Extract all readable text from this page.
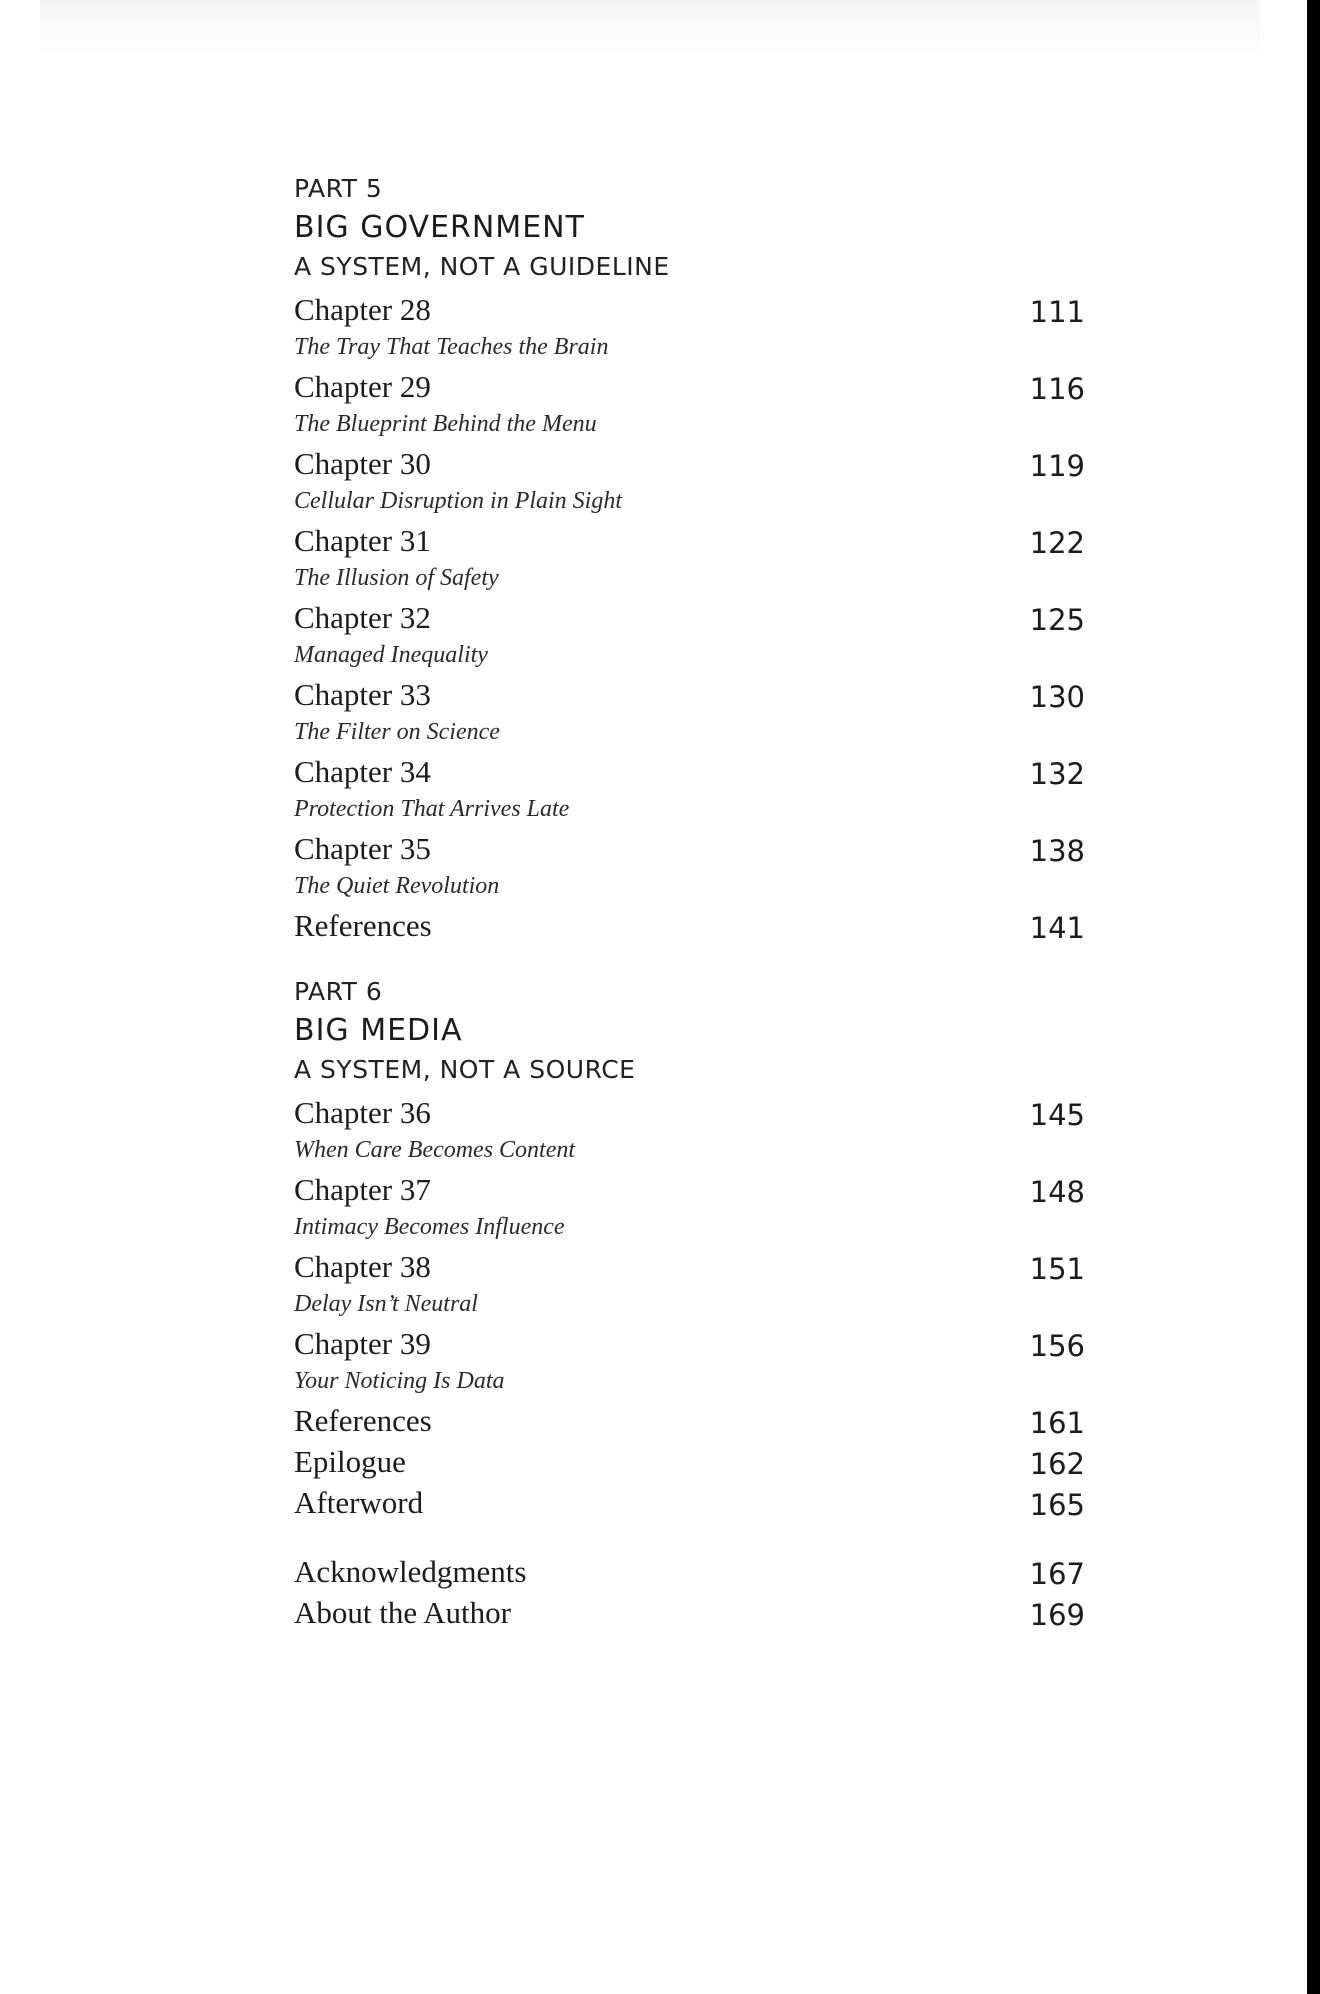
PART 5
BIG GOVERNMENT
A SYSTEM, NOT A GUIDELINE
Chapter 28
The Tray That Teaches the Brain
111
Chapter 29
The Blueprint Behind the Menu
116
Chapter 30
Cellular Disruption in Plain Sight
119
Chapter 31
The Illusion of Safety
122
Chapter 32
Managed Inequality
125
Chapter 33
The Filter on Science
130
Chapter 34
Protection That Arrives Late
132
Chapter 35
The Quiet Revolution
138
References	141
PART 6
BIG MEDIA
A SYSTEM, NOT A SOURCE
Chapter 36
When Care Becomes Content
145
Chapter 37
Intimacy Becomes Influence
148
Chapter 38
Delay Isn’t Neutral
151
Chapter 39
Your Noticing Is Data
156
References	161
Epilogue	162
Afterword	165
Acknowledgments	167
About the Author	169
